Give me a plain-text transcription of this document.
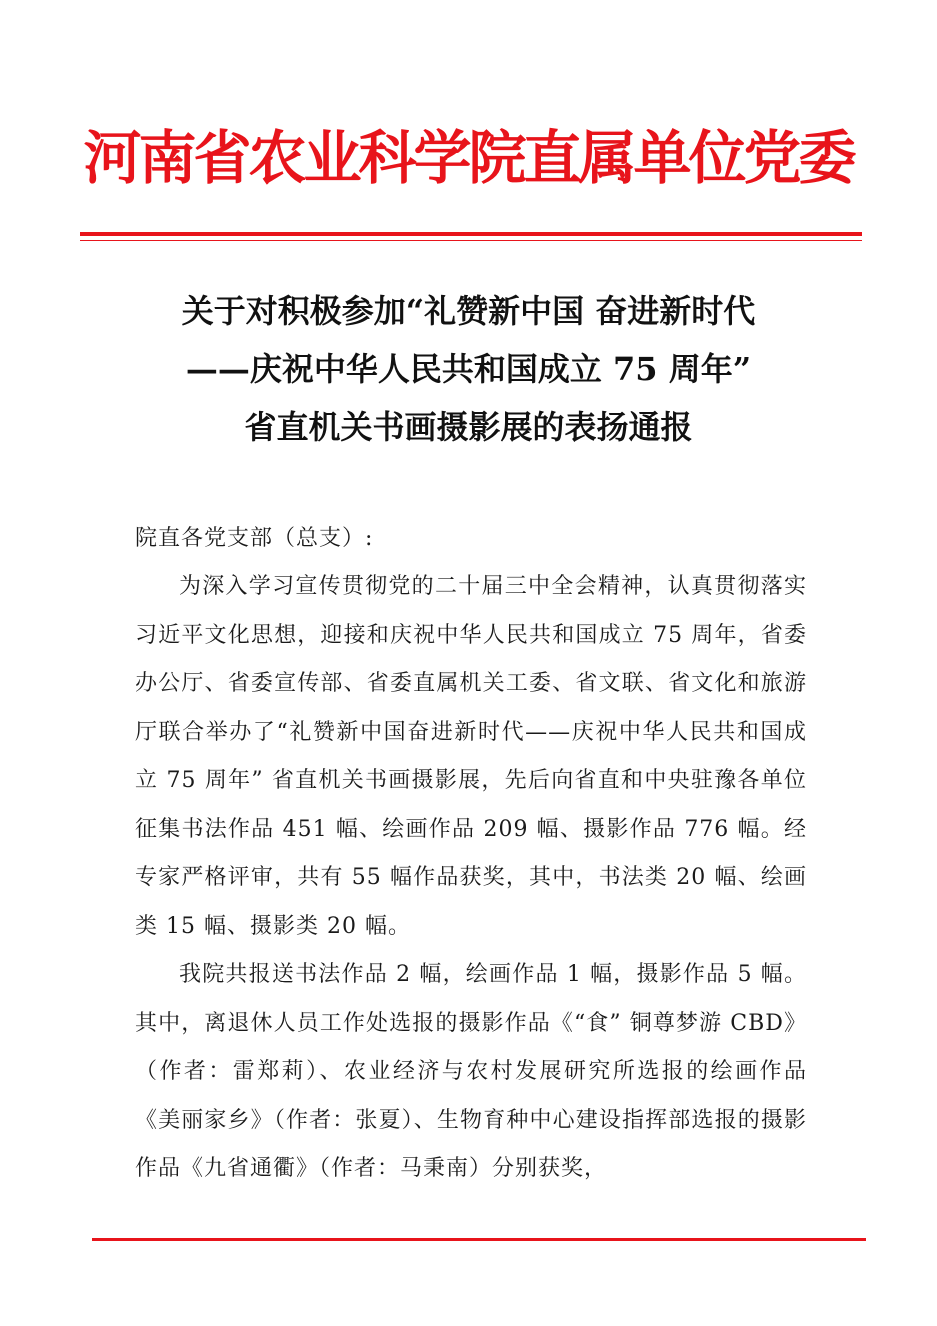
河南省农业科学院直属单位党委
关于对积极参加“礼赞新中国 奋进新时代
——庆祝中华人民共和国成立 75 周年”
省直机关书画摄影展的表扬通报
院直各党支部（总支）:

为深入学习宣传贯彻党的二十届三中全会精神，认真贯彻落实习近平文化思想，迎接和庆祝中华人民共和国成立 75 周年，省委办公厅、省委宣传部、省委直属机关工委、省文联、省文化和旅游厅联合举办了“礼赞新中国奋进新时代——庆祝中华人民共和国成立 75 周年” 省直机关书画摄影展，先后向省直和中央驻豫各单位征集书法作品 451 幅、绘画作品 209 幅、摄影作品 776 幅。经专家严格评审，共有 55 幅作品获奖，其中，书法类 20 幅、绘画类 15 幅、摄影类 20 幅。

我院共报送书法作品 2 幅，绘画作品 1 幅，摄影作品 5 幅。其中，离退休人员工作处选报的摄影作品《“食” 铜尊梦游 CBD》（作者：雷郑莉）、农业经济与农村发展研究所选报的绘画作品《美丽家乡》（作者：张夏）、生物育种中心建设指挥部选报的摄影作品《九省通衢》（作者：马秉南）分别获奖，
